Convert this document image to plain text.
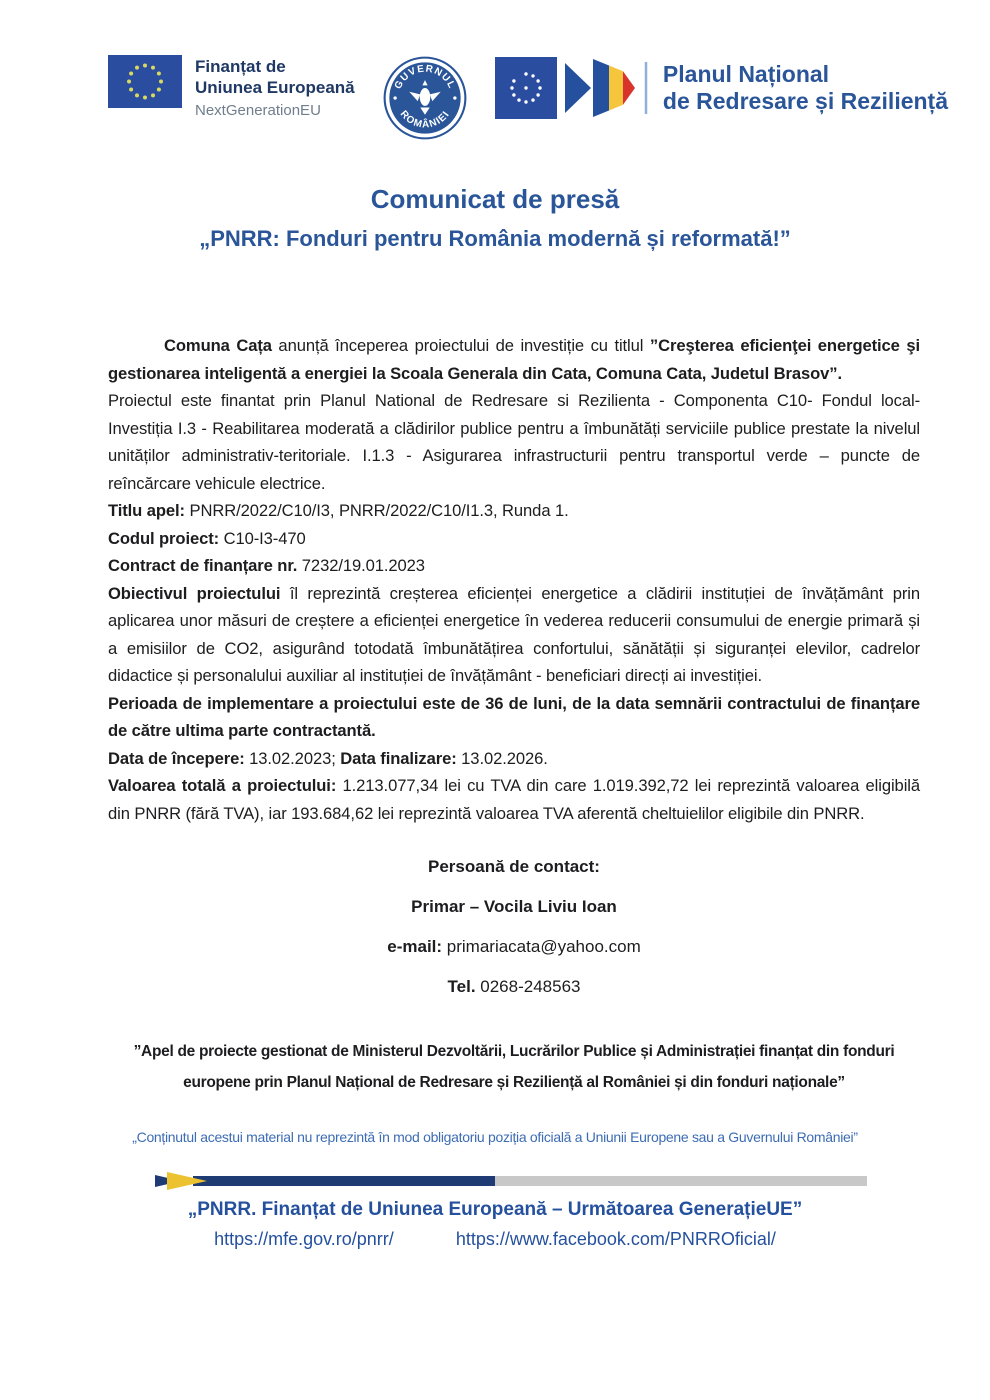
Finanțat de
Uniunea Europeană
NextGenerationEU
GUVERNUL
ROMÂNIEI
Planul Național
de Redresare și Reziliență
Comunicat de presă
„PNRR: Fonduri pentru România modernă și reformată!”

Comuna Cața anunță începerea proiectului de investiție cu titlul ”Creşterea eficienţei energetice şi gestionarea inteligentă a energiei la Scoala Generala din Cata, Comuna Cata, Judetul Brasov”.

Proiectul este finantat prin Planul National de Redresare si Rezilienta - Componenta C10- Fondul local- Investiția I.3 - Reabilitarea moderată a clădirilor publice pentru a îmbunătăți serviciile publice prestate la nivelul unităților administrativ-teritoriale. I.1.3 - Asigurarea infrastructurii pentru transportul verde – puncte de reîncărcare vehicule electrice.

Titlu apel: PNRR/2022/C10/I3, PNRR/2022/C10/I1.3, Runda 1.

Codul proiect: C10-I3-470

Contract de finanțare nr. 7232/19.01.2023

Obiectivul proiectului îl reprezintă creșterea eficienței energetice a clădirii instituției de învățământ prin aplicarea unor măsuri de creștere a eficienței energetice în vederea reducerii consumului de energie primară și a emisiilor de CO2, asigurând totodată îmbunătățirea confortului, sănătății și siguranței elevilor, cadrelor didactice și personalului auxiliar al instituției de învățământ - beneficiari direcți ai investiției.

Perioada de implementare a proiectului este de 36 de luni, de la data semnării contractului de finanțare de către ultima parte contractantă.

Data de începere: 13.02.2023; Data finalizare: 13.02.2026.

Valoarea totală a proiectului: 1.213.077,34 lei cu TVA din care 1.019.392,72 lei reprezintă valoarea eligibilă din PNRR (fără TVA), iar 193.684,62 lei reprezintă valoarea TVA aferentă cheltuielilor eligibile din PNRR.

Persoană de contact:

Primar – Vocila Liviu Ioan

e-mail: primariacata@yahoo.com

Tel. 0268-248563

”Apel de proiecte gestionat de Ministerul Dezvoltării, Lucrărilor Publice și Administrației finanțat din fonduri europene prin Planul Național de Redresare și Reziliență al României și din fonduri naționale”

„Conținutul acestui material nu reprezintă în mod obligatoriu poziția oficială a Uniunii Europene sau a Guvernului României”

„PNRR. Finanțat de Uniunea Europeană – Următoarea GenerațieUE”
https://mfe.gov.ro/pnrr/	https://www.facebook.com/PNRROficial/
